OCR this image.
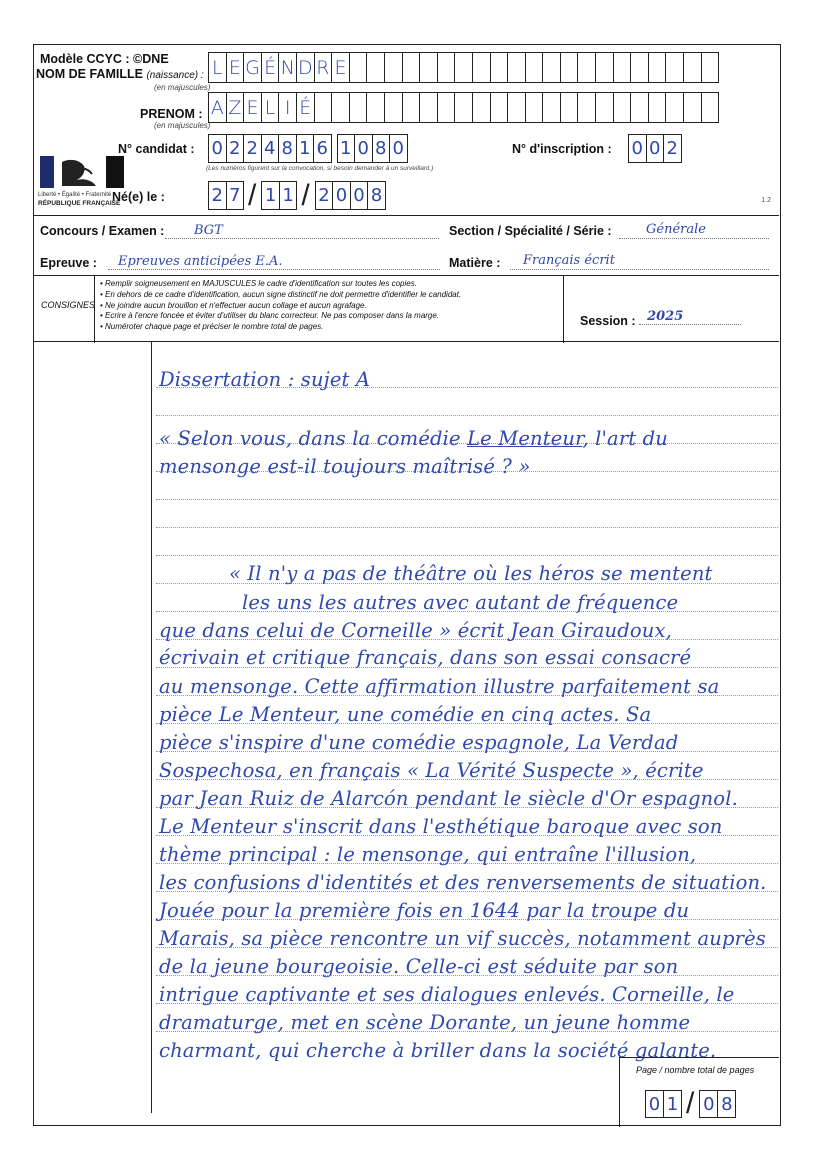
Modèle CCYC : ©DNE
NOM DE FAMILLE (naissance) :
(en majuscules)
L E G É N D R E
PRENOM :
(en majuscules)
A Z E L I É
N° candidat : 0 2 2 4 8 1 6 1 0 8 0
(Les numéros figurent sur la convocation, si besoin demander à un surveillant.)
N° d'inscription : 0 0 2
Liberté • Égalité • Fraternité
RÉPUBLIQUE FRANÇAISE
Né(e) le :	2 7 / 1 1 / 2 0 0 8	1.2
Concours / Examen : BGT	Section / Spécialité / Série :	Générale
Epreuve : Epreuves anticipées E.A.	Matière : Français écrit
CONSIGNES
• Remplir soigneusement en MAJUSCULES le cadre d'identification sur toutes les copies.
• En dehors de ce cadre d'identification, aucun signe distinctif ne doit permettre d'identifier le candidat.
• Ne joindre aucun brouillon et n'effectuer aucun collage et aucun agrafage.
• Ecrire à l'encre foncée et éviter d'utiliser du blanc correcteur. Ne pas composer dans la marge.
• Numéroter chaque page et préciser le nombre total de pages.	Session : 2025
Dissertation : sujet A
« Selon vous, dans la comédie Le Menteur, l'art du
mensonge est-il toujours maîtrisé ? »
« Il n'y a pas de théâtre où les héros se mentent
les uns les autres avec autant de fréquence
que dans celui de Corneille » écrit Jean Giraudoux,
écrivain et critique français, dans son essai consacré
au mensonge. Cette affirmation illustre parfaitement sa
pièce Le Menteur, une comédie en cinq actes. Sa
pièce s'inspire d'une comédie espagnole, La Verdad
Sospechosa, en français « La Vérité Suspecte », écrite
par Jean Ruiz de Alarcón pendant le siècle d'Or espagnol.
Le Menteur s'inscrit dans l'esthétique baroque avec son
thème principal : le mensonge, qui entraîne l'illusion,
les confusions d'identités et des renversements de situation.
Jouée pour la première fois en 1644 par la troupe du
Marais, sa pièce rencontre un vif succès, notamment auprès
de la jeune bourgeoisie. Celle-ci est séduite par son
intrigue captivante et ses dialogues enlevés. Corneille, le
dramaturge, met en scène Dorante, un jeune homme
charmant, qui cherche à briller dans la société galante.
Page / nombre total de pages
0 1 / 0 8
